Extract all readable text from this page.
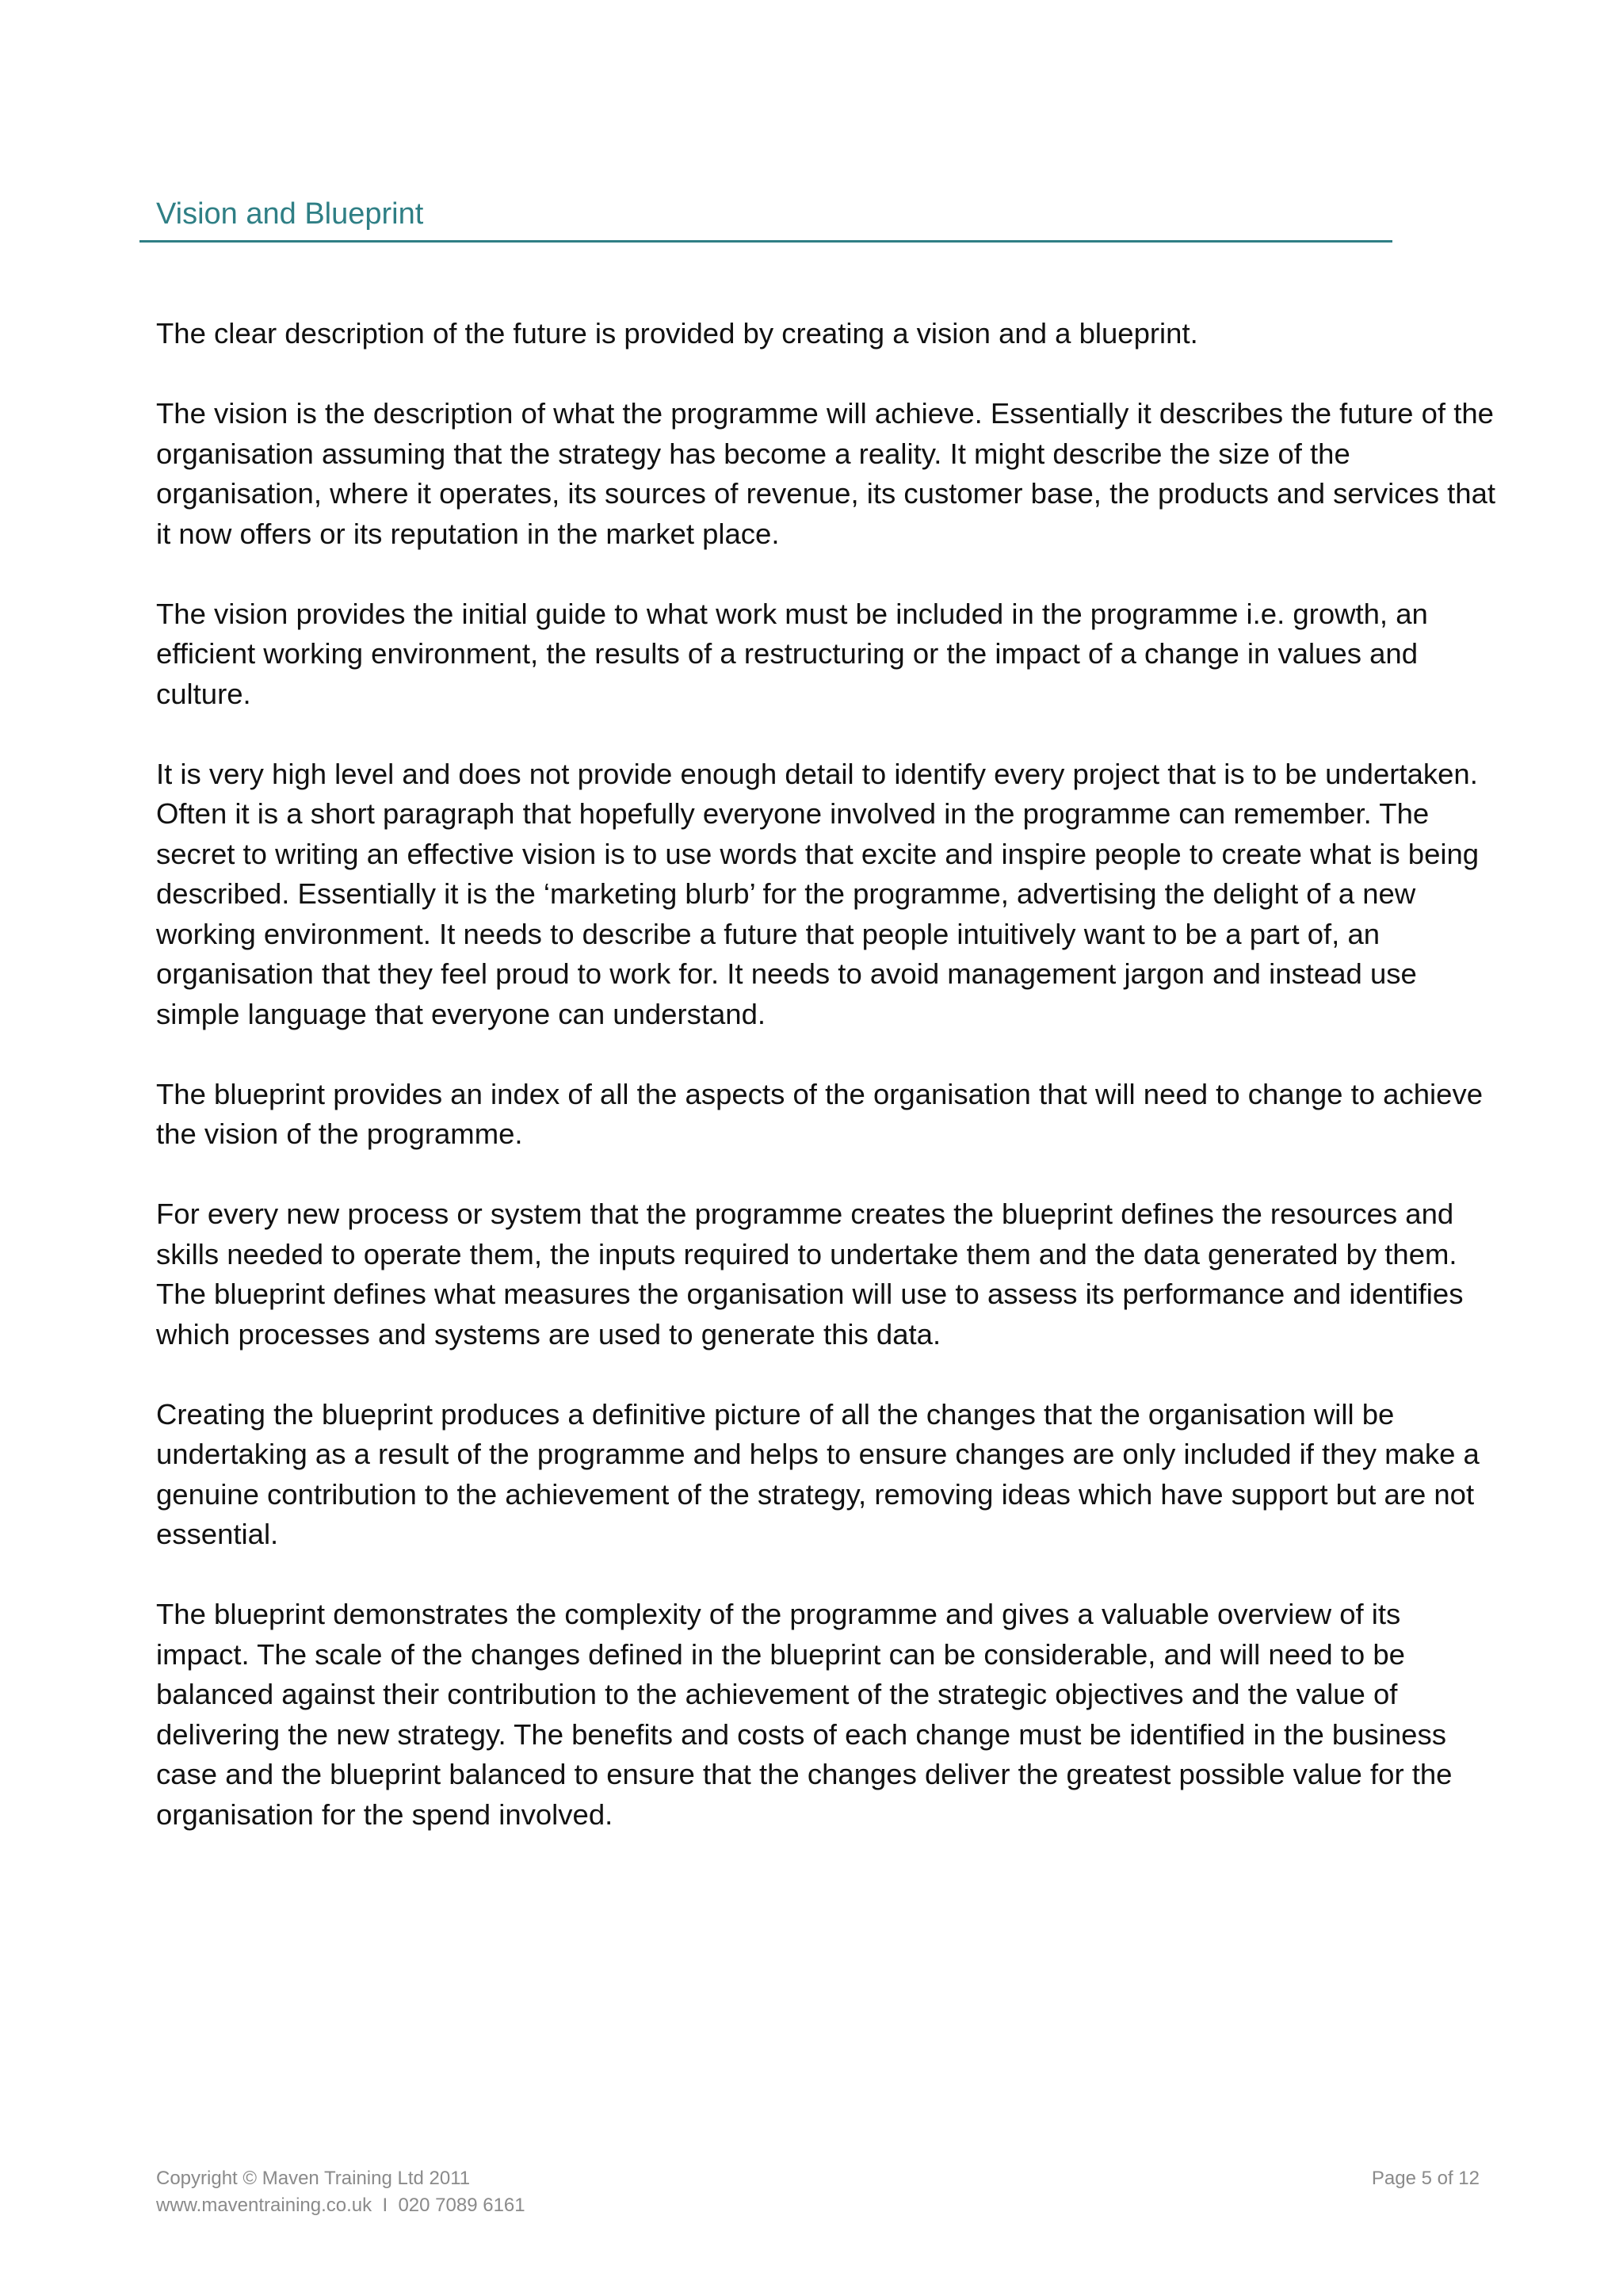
Vision and Blueprint

The clear description of the future is provided by creating a vision and a blueprint.

The vision is the description of what the programme will achieve. Essentially it describes the future of the organisation assuming that the strategy has become a reality. It might describe the size of the organisation, where it operates, its sources of revenue, its customer base, the products and services that it now offers or its reputation in the market place.

The vision provides the initial guide to what work must be included in the programme i.e. growth, an efficient working environment, the results of a restructuring or the impact of a change in values and culture.

It is very high level and does not provide enough detail to identify every project that is to be undertaken. Often it is a short paragraph that hopefully everyone involved in the programme can remember. The secret to writing an effective vision is to use words that excite and inspire people to create what is being described. Essentially it is the ‘marketing blurb’ for the programme, advertising the delight of a new working environment. It needs to describe a future that people intuitively want to be a part of, an organisation that they feel proud to work for. It needs to avoid management jargon and instead use simple language that everyone can understand.

The blueprint provides an index of all the aspects of the organisation that will need to change to achieve the vision of the programme.

For every new process or system that the programme creates the blueprint defines the resources and skills needed to operate them, the inputs required to undertake them and the data generated by them. The blueprint defines what measures the organisation will use to assess its performance and identifies which processes and systems are used to generate this data.

Creating the blueprint produces a definitive picture of all the changes that the organisation will be undertaking as a result of the programme and helps to ensure changes are only included if they make a genuine contribution to the achievement of the strategy, removing ideas which have support but are not essential.

The blueprint demonstrates the complexity of the programme and gives a valuable overview of its impact. The scale of the changes defined in the blueprint can be considerable, and will need to be balanced against their contribution to the achievement of the strategic objectives and the value of delivering the new strategy. The benefits and costs of each change must be identified in the business case and the blueprint balanced to ensure that the changes deliver the greatest possible value for the organisation for the spend involved.

Copyright © Maven Training Ltd 2011
www.maventraining.co.uk  I  020 7089 6161
Page 5 of 12
